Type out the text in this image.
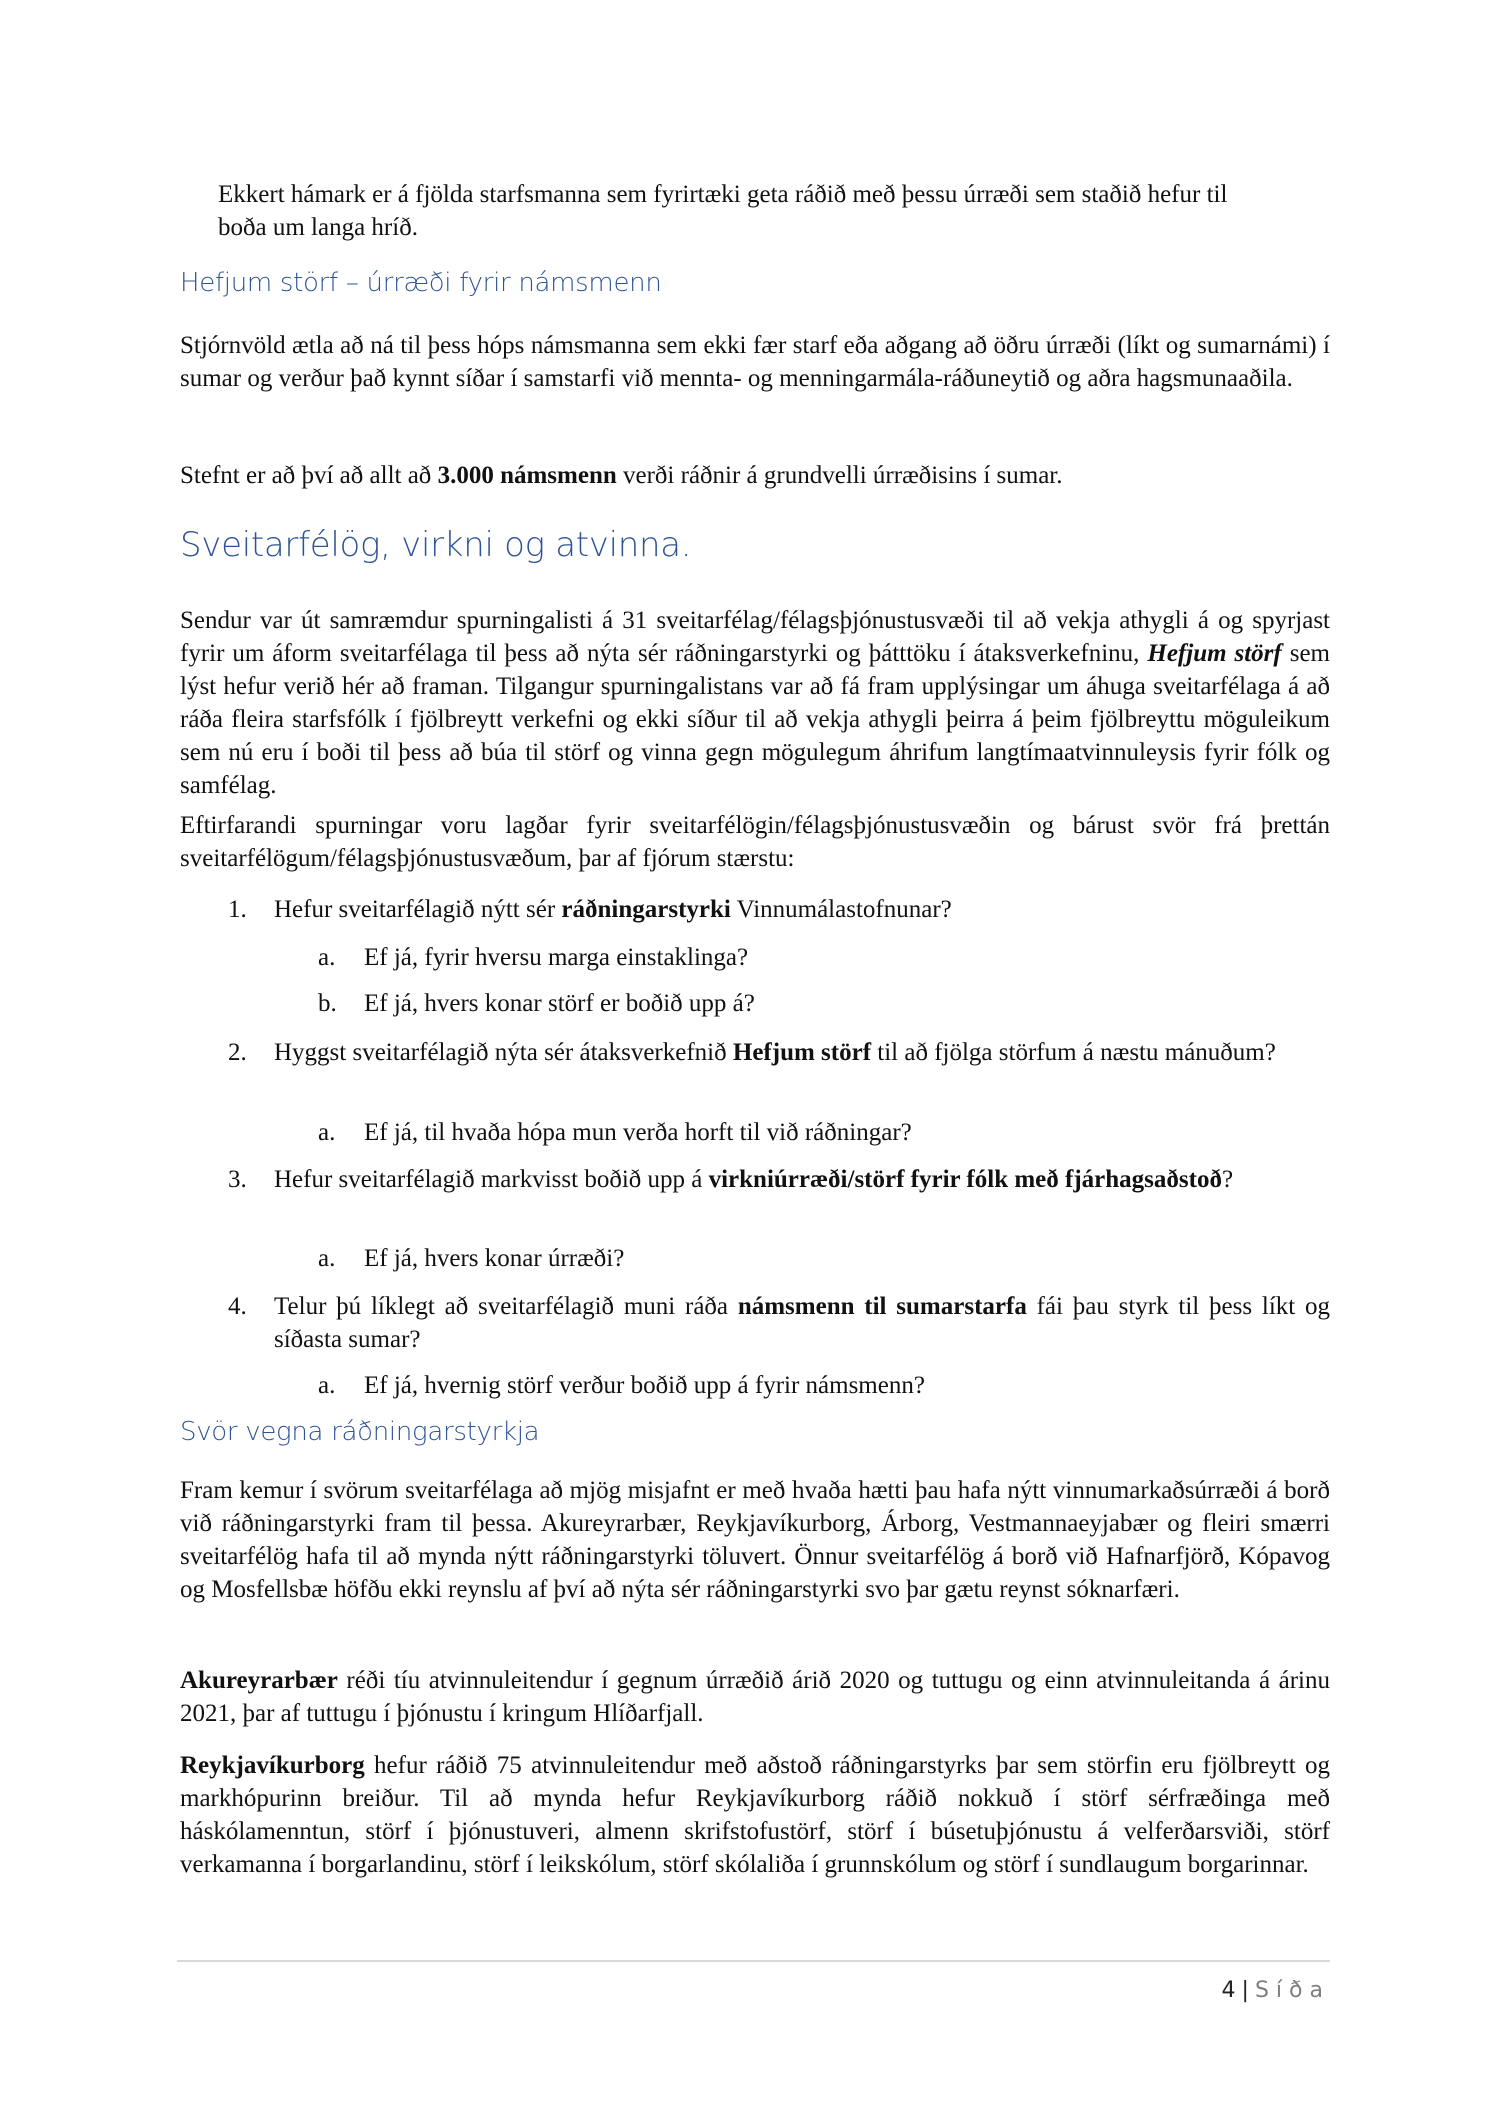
Ekkert hámark er á fjölda starfsmanna sem fyrirtæki geta ráðið með þessu úrræði sem staðið hefur til boða um langa hríð.

Hefjum störf – úrræði fyrir námsmenn

Stjórnvöld ætla að ná til þess hóps námsmanna sem ekki fær starf eða aðgang að öðru úrræði (líkt og sumarnámi) í sumar og verður það kynnt síðar í samstarfi við mennta- og menningarmála-ráðuneytið og aðra hagsmunaaðila.

Stefnt er að því að allt að 3.000 námsmenn verði ráðnir á grundvelli úrræðisins í sumar.

Sveitarfélög, virkni og atvinna.

Sendur var út samræmdur spurningalisti á 31 sveitarfélag/félagsþjónustusvæði til að vekja athygli á og spyrjast fyrir um áform sveitarfélaga til þess að nýta sér ráðningarstyrki og þátttöku í átaksverkefninu, Hefjum störf sem lýst hefur verið hér að framan. Tilgangur spurningalistans var að fá fram upplýsingar um áhuga sveitarfélaga á að ráða fleira starfsfólk í fjölbreytt verkefni og ekki síður til að vekja athygli þeirra á þeim fjölbreyttu möguleikum sem nú eru í boði til þess að búa til störf og vinna gegn mögulegum áhrifum langtímaatvinnuleysis fyrir fólk og samfélag.

Eftirfarandi spurningar voru lagðar fyrir sveitarfélögin/félagsþjónustusvæðin og bárust svör frá þrettán sveitarfélögum/félagsþjónustusvæðum, þar af fjórum stærstu:

1. Hefur sveitarfélagið nýtt sér ráðningarstyrki Vinnumálastofnunar?
a. Ef já, fyrir hversu marga einstaklinga?
b. Ef já, hvers konar störf er boðið upp á?
2. Hyggst sveitarfélagið nýta sér átaksverkefnið Hefjum störf til að fjölga störfum á næstu mánuðum?
a. Ef já, til hvaða hópa mun verða horft til við ráðningar?
3. Hefur sveitarfélagið markvisst boðið upp á virkniúrræði/störf fyrir fólk með fjárhagsaðstoð?
a. Ef já, hvers konar úrræði?
4. Telur þú líklegt að sveitarfélagið muni ráða námsmenn til sumarstarfa fái þau styrk til þess líkt og síðasta sumar?
a. Ef já, hvernig störf verður boðið upp á fyrir námsmenn?
Svör vegna ráðningarstyrkja

Fram kemur í svörum sveitarfélaga að mjög misjafnt er með hvaða hætti þau hafa nýtt vinnumarkaðsúrræði á borð við ráðningarstyrki fram til þessa. Akureyrarbær, Reykjavíkurborg, Árborg, Vestmannaeyjabær og fleiri smærri sveitarfélög hafa til að mynda nýtt ráðningarstyrki töluvert. Önnur sveitarfélög á borð við Hafnarfjörð, Kópavog og Mosfellsbæ höfðu ekki reynslu af því að nýta sér ráðningarstyrki svo þar gætu reynst sóknarfæri.

Akureyrarbær réði tíu atvinnuleitendur í gegnum úrræðið árið 2020 og tuttugu og einn atvinnuleitanda á árinu 2021, þar af tuttugu í þjónustu í kringum Hlíðarfjall.

Reykjavíkurborg hefur ráðið 75 atvinnuleitendur með aðstoð ráðningarstyrks þar sem störfin eru fjölbreytt og markhópurinn breiður. Til að mynda hefur Reykjavíkurborg ráðið nokkuð í störf sérfræðinga með háskólamenntun, störf í þjónustuveri, almenn skrifstofustörf, störf í búsetuþjónustu á velferðarsviði, störf verkamanna í borgarlandinu, störf í leikskólum, störf skólaliða í grunnskólum og störf í sundlaugum borgarinnar.

4 | Síða
